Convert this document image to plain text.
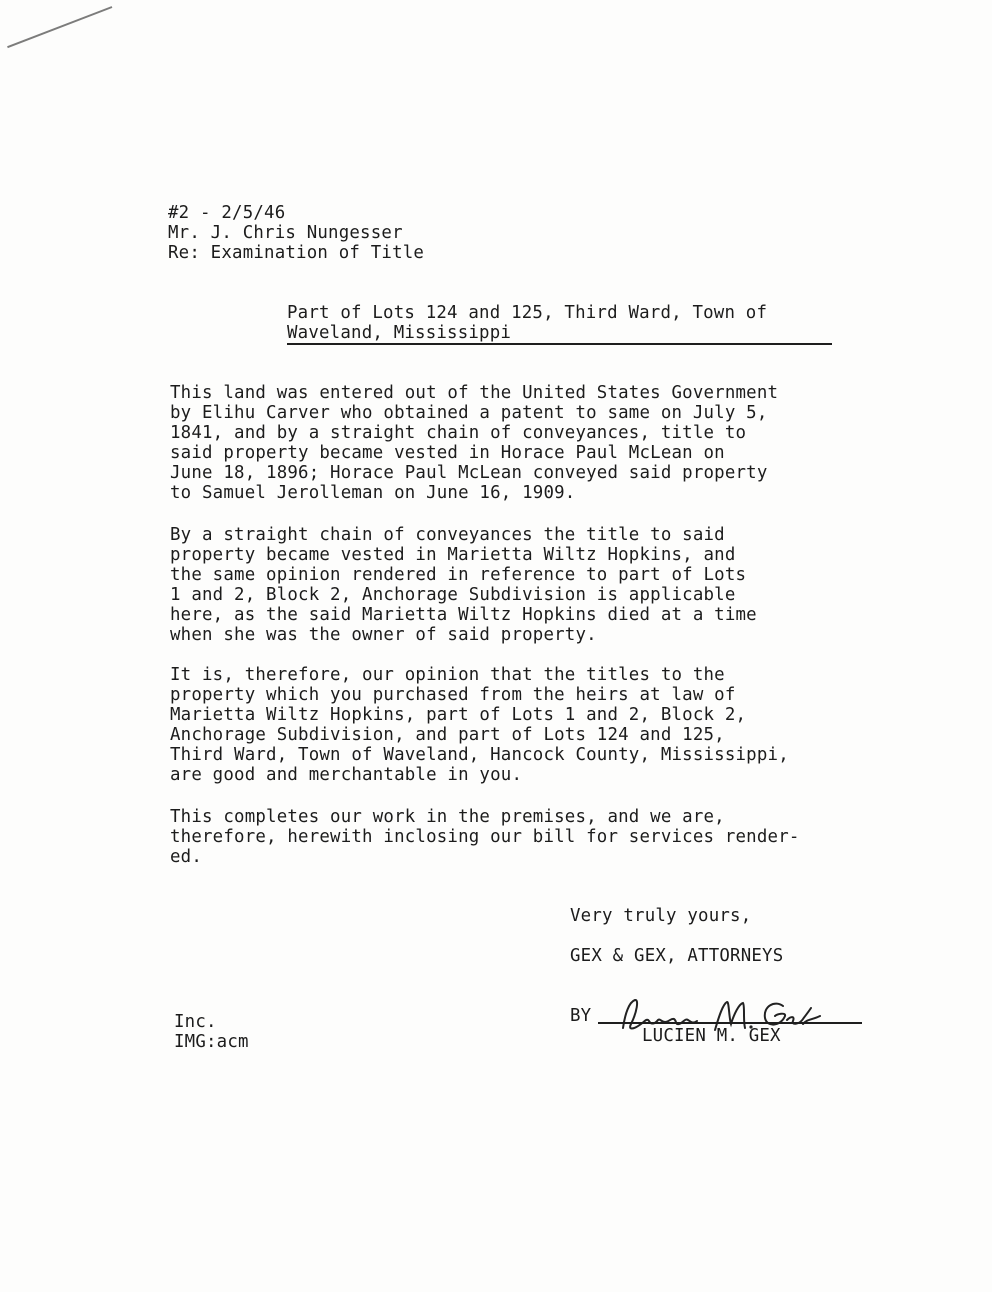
#2 - 2/5/46
Mr. J. Chris Nungesser
Re: Examination of Title
Part of Lots 124 and 125, Third Ward, Town of
Waveland, Mississippi
This land was entered out of the United States Government
by Elihu Carver who obtained a patent to same on July 5,
1841, and by a straight chain of conveyances, title to
said property became vested in Horace Paul McLean on
June 18, 1896; Horace Paul McLean conveyed said property
to Samuel Jerolleman on June 16, 1909.
By a straight chain of conveyances the title to said
property became vested in Marietta Wiltz Hopkins, and
the same opinion rendered in reference to part of Lots
1 and 2, Block 2, Anchorage Subdivision is applicable
here, as the said Marietta Wiltz Hopkins died at a time
when she was the owner of said property.
It is, therefore, our opinion that the titles to the
property which you purchased from the heirs at law of
Marietta Wiltz Hopkins, part of Lots 1 and 2, Block 2,
Anchorage Subdivision, and part of Lots 124 and 125,
Third Ward, Town of Waveland, Hancock County, Mississippi,
are good and merchantable in you.
This completes our work in the premises, and we are,
therefore, herewith inclosing our bill for services render-
ed.
Very truly yours,
GEX & GEX, ATTORNEYS
BY
LUCIEN M. GEX
Inc.
IMG:acm
